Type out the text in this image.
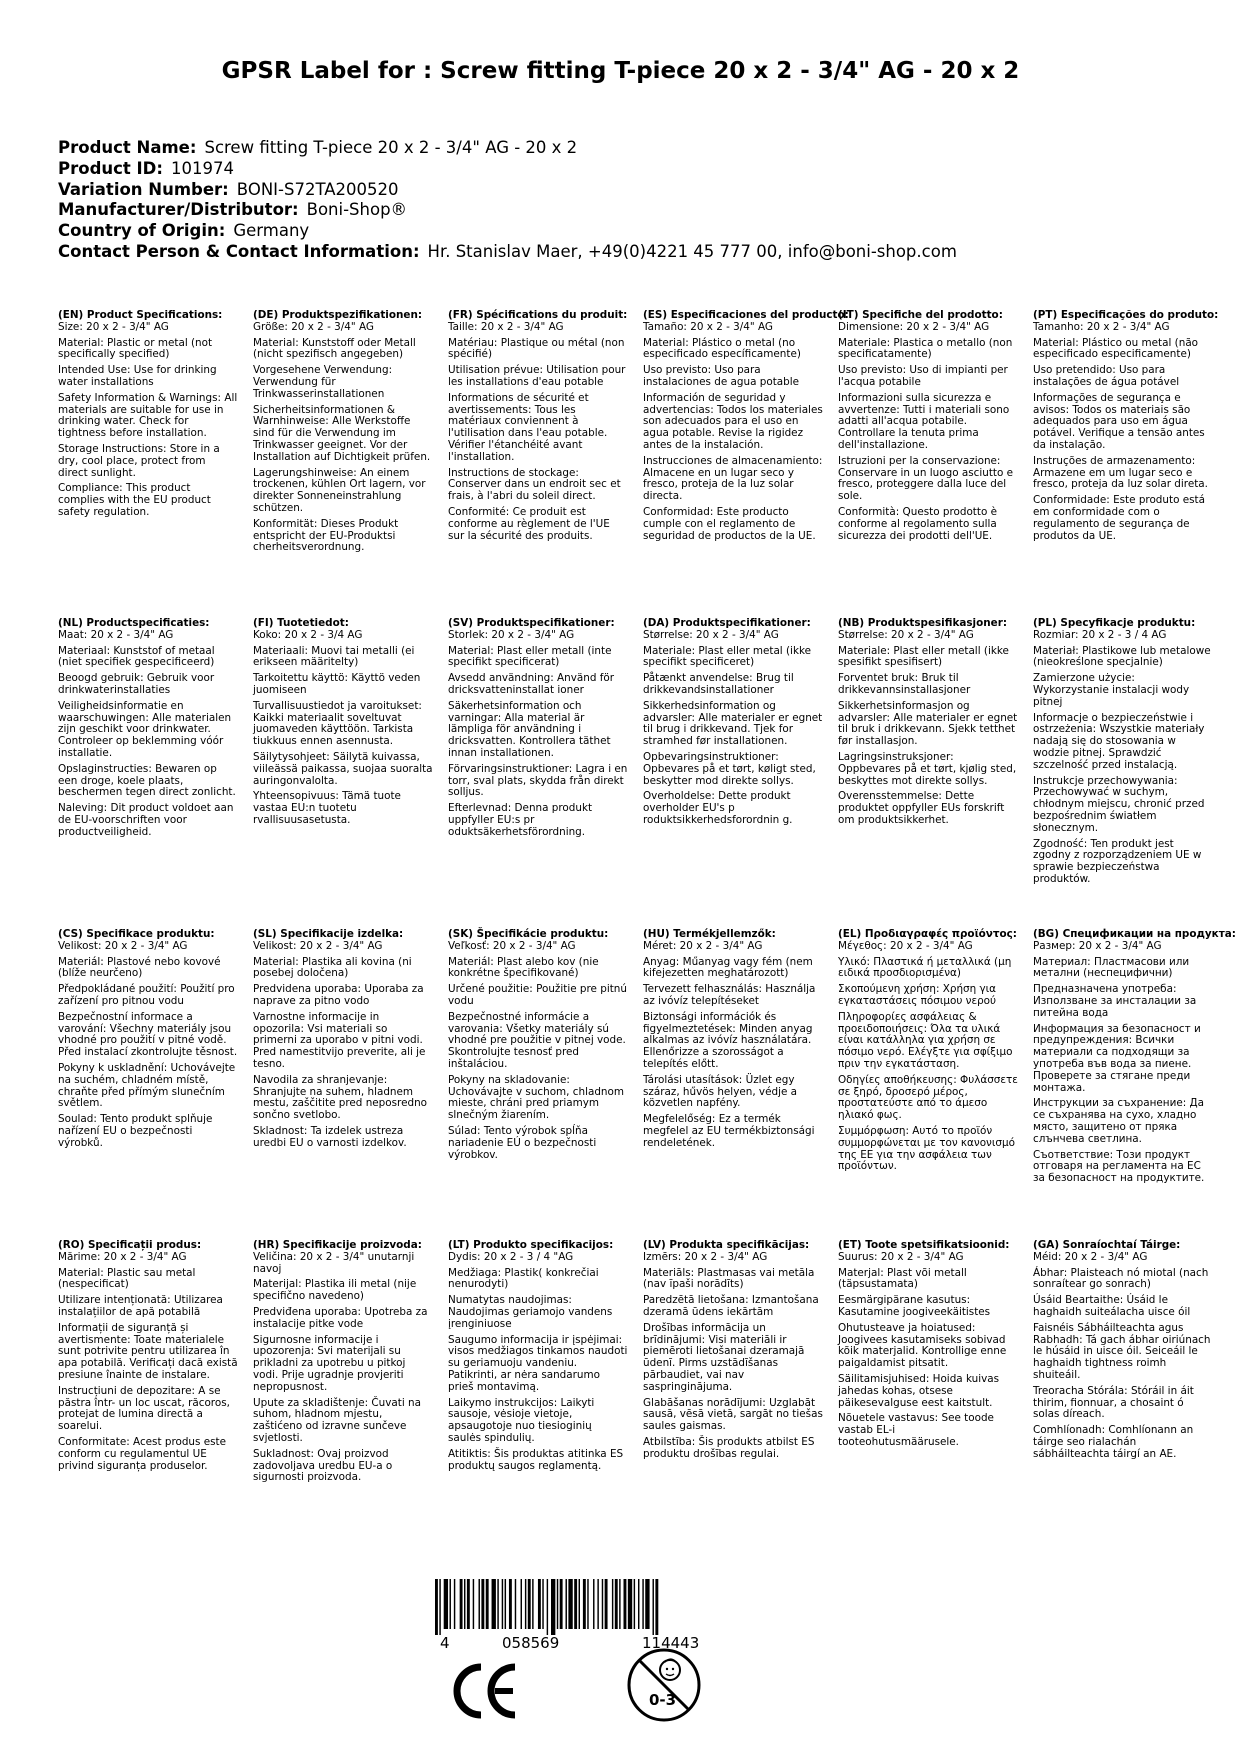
GPSR Label for : Screw fitting T-piece 20 x 2 - 3/4" AG - 20 x 2
Product Name: Screw fitting T-piece 20 x 2 - 3/4" AG - 20 x 2
Product ID: 101974
Variation Number: BONI-S72TA200520
Manufacturer/Distributor: Boni-Shop®
Country of Origin: Germany
Contact Person & Contact Information: Hr. Stanislav Maer, +49(0)4221 45 777 00, info@boni-shop.com
(EN) Product Specifications:
Size: 20 x 2 - 3/4" AG
Material: Plastic or metal (not specifically specified)
Intended Use: Use for drinking water installations
Safety Information & Warnings: All materials are suitable for use in drinking water. Check for tightness before installation.
Storage Instructions: Store in a dry, cool place, protect from direct sunlight.
Compliance: This product complies with the EU product safety regulation.
(DE) Produktspezifikationen:
Größe: 20 x 2 - 3/4" AG
Material: Kunststoff oder Metall (nicht spezifisch angegeben)
Vorgesehene Verwendung: Verwendung für Trinkwasserinstallationen
Sicherheitsinformationen & Warnhinweise: Alle Werkstoffe sind für die Verwendung im Trinkwasser geeignet. Vor der Installation auf Dichtigkeit prüfen.
Lagerungshinweise: An einem trockenen, kühlen Ort lagern, vor direkter Sonneneinstrahlung schützen.
Konformität: Dieses Produkt entspricht der EU-Produktsi cherheitsverordnung.
(FR) Spécifications du produit:
Taille: 20 x 2 - 3/4" AG
Matériau: Plastique ou métal (non spécifié)
Utilisation prévue: Utilisation pour les installations d'eau potable
Informations de sécurité et avertissements: Tous les matériaux conviennent à l'utilisation dans l'eau potable. Vérifier l'étanchéité avant l'installation.
Instructions de stockage: Conserver dans un endroit sec et frais, à l'abri du soleil direct.
Conformité: Ce produit est conforme au règlement de l'UE sur la sécurité des produits.
(ES) Especificaciones del producto:
Tamaño: 20 x 2 - 3/4" AG
Material: Plástico o metal (no especificado específicamente)
Uso previsto: Uso para instalaciones de agua potable
Información de seguridad y advertencias: Todos los materiales son adecuados para el uso en agua potable. Revise la rigidez antes de la instalación.
Instrucciones de almacenamiento: Almacene en un lugar seco y fresco, proteja de la luz solar directa.
Conformidad: Este producto cumple con el reglamento de seguridad de productos de la UE.
(IT) Specifiche del prodotto:
Dimensione: 20 x 2 - 3/4" AG
Materiale: Plastica o metallo (non specificatamente)
Uso previsto: Uso di impianti per l'acqua potabile
Informazioni sulla sicurezza e avvertenze: Tutti i materiali sono adatti all'acqua potabile. Controllare la tenuta prima dell'installazione.
Istruzioni per la conservazione: Conservare in un luogo asciutto e fresco, proteggere dalla luce del sole.
Conformità: Questo prodotto è conforme al regolamento sulla sicurezza dei prodotti dell'UE.
(PT) Especificações do produto:
Tamanho: 20 x 2 - 3/4" AG
Material: Plástico ou metal (não especificado especificamente)
Uso pretendido: Uso para instalações de água potável
Informações de segurança e avisos: Todos os materiais são adequados para uso em água potável. Verifique a tensão antes da instalação.
Instruções de armazenamento: Armazene em um lugar seco e fresco, proteja da luz solar direta.
Conformidade: Este produto está em conformidade com o regulamento de segurança de produtos da UE.
(NL) Productspecificaties:
Maat: 20 x 2 - 3/4" AG
Materiaal: Kunststof of metaal (niet specifiek gespecificeerd)
Beoogd gebruik: Gebruik voor drinkwaterinstallaties
Veiligheidsinformatie en waarschuwingen: Alle materialen zijn geschikt voor drinkwater. Controleer op beklemming vóór installatie.
Opslaginstructies: Bewaren op een droge, koele plaats, beschermen tegen direct zonlicht.
Naleving: Dit product voldoet aan de EU-voorschriften voor productveiligheid.
(FI) Tuotetiedot:
Koko: 20 x 2 - 3/4 AG
Materiaali: Muovi tai metalli (ei erikseen määritelty)
Tarkoitettu käyttö: Käyttö veden juomiseen
Turvallisuustiedot ja varoitukset: Kaikki materiaalit soveltuvat juomaveden käyttöön. Tarkista tiukkuus ennen asennusta.
Säilytysohjeet: Säilytä kuivassa, viileässä paikassa, suojaa suoralta auringonvalolta.
Yhteensopivuus: Tämä tuote vastaa EU:n tuotetu rvallisuusasetusta.
(SV) Produktspecifikationer:
Storlek: 20 x 2 - 3/4" AG
Material: Plast eller metall (inte specifikt specificerat)
Avsedd användning: Använd för dricksvatteninstallat ioner
Säkerhetsinformation och varningar: Alla material är lämpliga för användning i dricksvatten. Kontrollera täthet innan installationen.
Förvaringsinstruktioner: Lagra i en torr, sval plats, skydda från direkt solljus.
Efterlevnad: Denna produkt uppfyller EU:s pr oduktsäkerhetsförordning.
(DA) Produktspecifikationer:
Størrelse: 20 x 2 - 3/4" AG
Materiale: Plast eller metal (ikke specifikt specificeret)
Påtænkt anvendelse: Brug til drikkevandsinstallationer
Sikkerhedsinformation og advarsler: Alle materialer er egnet til brug i drikkevand. Tjek for stramhed før installationen.
Opbevaringsinstruktioner: Opbevares på et tørt, køligt sted, beskytter mod direkte sollys.
Overholdelse: Dette produkt overholder EU's p roduktsikkerhedsforordnin g.
(NB) Produktspesifikasjoner:
Størrelse: 20 x 2 - 3/4" AG
Materiale: Plast eller metall (ikke spesifikt spesifisert)
Forventet bruk: Bruk til drikkevannsinstallasjoner
Sikkerhetsinformasjon og advarsler: Alle materialer er egnet til bruk i drikkevann. Sjekk tetthet før installasjon.
Lagringsinstruksjoner: Oppbevares på et tørt, kjølig sted, beskyttes mot direkte sollys.
Overensstemmelse: Dette produktet oppfyller EUs forskrift om produktsikkerhet.
(PL) Specyfikacje produktu:
Rozmiar: 20 x 2 - 3 / 4 AG
Materiał: Plastikowe lub metalowe (nieokreślone specjalnie)
Zamierzone użycie: Wykorzystanie instalacji wody pitnej
Informacje o bezpieczeństwie i ostrzeżenia: Wszystkie materiały nadają się do stosowania w wodzie pitnej. Sprawdzić szczelność przed instalacją.
Instrukcje przechowywania: Przechowywać w suchym, chłodnym miejscu, chronić przed bezpośrednim światłem słonecznym.
Zgodność: Ten produkt jest zgodny z rozporządzeniem UE w sprawie bezpieczeństwa produktów.
(CS) Specifikace produktu:
Velikost: 20 x 2 - 3/4" AG
Materiál: Plastové nebo kovové (blíže neurčeno)
Předpokládané použití: Použití pro zařízení pro pitnou vodu
Bezpečnostní informace a varování: Všechny materiály jsou vhodné pro použití v pitné vodě. Před instalací zkontrolujte těsnost.
Pokyny k uskladnění: Uchovávejte na suchém, chladném místě, chraňte před přímým slunečním světlem.
Soulad: Tento produkt splňuje nařízení EU o bezpečnosti výrobků.
(SL) Specifikacije izdelka:
Velikost: 20 x 2 - 3/4" AG
Material: Plastika ali kovina (ni posebej določena)
Predvidena uporaba: Uporaba za naprave za pitno vodo
Varnostne informacije in opozorila: Vsi materiali so primerni za uporabo v pitni vodi. Pred namestitvijo preverite, ali je tesno.
Navodila za shranjevanje: Shranjujte na suhem, hladnem mestu, zaščitite pred neposredno sončno svetlobo.
Skladnost: Ta izdelek ustreza uredbi EU o varnosti izdelkov.
(SK) Špecifikácie produktu:
Veľkosť: 20 x 2 - 3/4" AG
Materiál: Plast alebo kov (nie konkrétne špecifikované)
Určené použitie: Použitie pre pitnú vodu
Bezpečnostné informácie a varovania: Všetky materiály sú vhodné pre použitie v pitnej vode. Skontrolujte tesnosť pred inštaláciou.
Pokyny na skladovanie: Uchovávajte v suchom, chladnom mieste, chráni pred priamym slnečným žiarením.
Súlad: Tento výrobok spĺňa nariadenie EÚ o bezpečnosti výrobkov.
(HU) Termékjellemzők:
Méret: 20 x 2 - 3/4" AG
Anyag: Műanyag vagy fém (nem kifejezetten meghatározott)
Tervezett felhasználás: Használja az ivóvíz telepítéseket
Biztonsági információk és figyelmeztetések: Minden anyag alkalmas az ivóvíz használatára. Ellenőrizze a szorosságot a telepítés előtt.
Tárolási utasítások: Üzlet egy száraz, hűvös helyen, védje a közvetlen napfény.
Megfelelőség: Ez a termék megfelel az EU termékbiztonsági rendeletének.
(EL) Προδιαγραφές προϊόντος:
Μέγεθος: 20 x 2 - 3/4" AG
Υλικό: Πλαστικά ή μεταλλικά (μη ειδικά προσδιορισμένα)
Σκοπούμενη χρήση: Χρήση για εγκαταστάσεις πόσιμου νερού
Πληροφορίες ασφάλειας & προειδοποιήσεις: Όλα τα υλικά είναι κατάλληλα για χρήση σε πόσιμο νερό. Ελέγξτε για σφίξιμο πριν την εγκατάσταση.
Οδηγίες αποθήκευσης: Φυλάσσετε σε ξηρό, δροσερό μέρος, προστατεύστε από το άμεσο ηλιακό φως.
Συμμόρφωση: Αυτό το προϊόν συμμορφώνεται με τον κανονισμό της ΕΕ για την ασφάλεια των προϊόντων.
(BG) Спецификации на продукта:
Размер: 20 x 2 - 3/4" AG
Материал: Пластмасови или метални (неспецифични)
Предназначена употреба: Използване за инсталации за питейна вода
Информация за безопасност и предупреждения: Всички материали са подходящи за употреба във вода за пиене. Проверете за стягане преди монтажа.
Инструкции за съхранение: Да се съхранява на сухо, хладно място, защитено от пряка слънчева светлина.
Съответствие: Този продукт отговаря на регламента на ЕС за безопасност на продуктите.
(RO) Specificații produs:
Mărime: 20 x 2 - 3/4" AG
Material: Plastic sau metal (nespecificat)
Utilizare intenționată: Utilizarea instalațiilor de apă potabilă
Informații de siguranță și avertismente: Toate materialele sunt potrivite pentru utilizarea în apa potabilă. Verificați dacă există presiune înainte de instalare.
Instrucțiuni de depozitare: A se păstra într- un loc uscat, răcoros, protejat de lumina directă a soarelui.
Conformitate: Acest produs este conform cu regulamentul UE privind siguranța produselor.
(HR) Specifikacije proizvoda:
Veličina: 20 x 2 - 3/4" unutarnji navoj
Materijal: Plastika ili metal (nije specifično navedeno)
Predviđena uporaba: Upotreba za instalacije pitke vode
Sigurnosne informacije i upozorenja: Svi materijali su prikladni za upotrebu u pitkoj vodi. Prije ugradnje provjeriti nepropusnost.
Upute za skladištenje: Čuvati na suhom, hladnom mjestu, zaštićeno od izravne sunčeve svjetlosti.
Sukladnost: Ovaj proizvod zadovoljava uredbu EU-a o sigurnosti proizvoda.
(LT) Produkto specifikacijos:
Dydis: 20 x 2 - 3 / 4 "AG
Medžiaga: Plastik( konkrečiai nenurodyti)
Numatytas naudojimas: Naudojimas geriamojo vandens įrenginiuose
Saugumo informacija ir įspėjimai: visos medžiagos tinkamos naudoti su geriamuoju vandeniu. Patikrinti, ar nėra sandarumo prieš montavimą.
Laikymo instrukcijos: Laikyti sausoje, vėsioje vietoje, apsaugotoje nuo tiesioginių saulės spindulių.
Atitiktis: Šis produktas atitinka ES produktų saugos reglamentą.
(LV) Produkta specifikācijas:
Izmērs: 20 x 2 - 3/4" AG
Materiāls: Plastmasas vai metāla (nav īpaši norādīts)
Paredzētā lietošana: Izmantošana dzeramā ūdens iekārtām
Drošības informācija un brīdinājumi: Visi materiāli ir piemēroti lietošanai dzeramajā ūdenī. Pirms uzstādīšanas pārbaudiet, vai nav saspringinājuma.
Glabāšanas norādījumi: Uzglabāt sausā, vēsā vietā, sargāt no tiešas saules gaismas.
Atbilstība: Šis produkts atbilst ES produktu drošības regulai.
(ET) Toote spetsifikatsioonid:
Suurus: 20 x 2 - 3/4" AG
Materjal: Plast või metall (täpsustamata)
Eesmärgipärane kasutus: Kasutamine joogiveekäitistes
Ohutusteave ja hoiatused: Joogivees kasutamiseks sobivad kõik materjalid. Kontrollige enne paigaldamist pitsatit.
Säilitamisjuhised: Hoida kuivas jahedas kohas, otsese päikesevalguse eest kaitstult.
Nõuetele vastavus: See toode vastab EL-i tooteohutusmäärusele.
(GA) Sonraíochtaí Táirge:
Méid: 20 x 2 - 3/4" AG
Ábhar: Plaisteach nó miotal (nach sonraítear go sonrach)
Úsáid Beartaithe: Úsáid le haghaidh suiteálacha uisce óil
Faisnéis Sábháilteachta agus Rabhadh: Tá gach ábhar oiriúnach le húsáid in uisce óil. Seiceáil le haghaidh tightness roimh shuiteáil.
Treoracha Stórála: Stóráil in áit thirim, fionnuar, a chosaint ó solas díreach.
Comhlíonadh: Comhlíonann an táirge seo rialachán sábháilteachta táirgí an AE.
4	058569	114443
0-3
